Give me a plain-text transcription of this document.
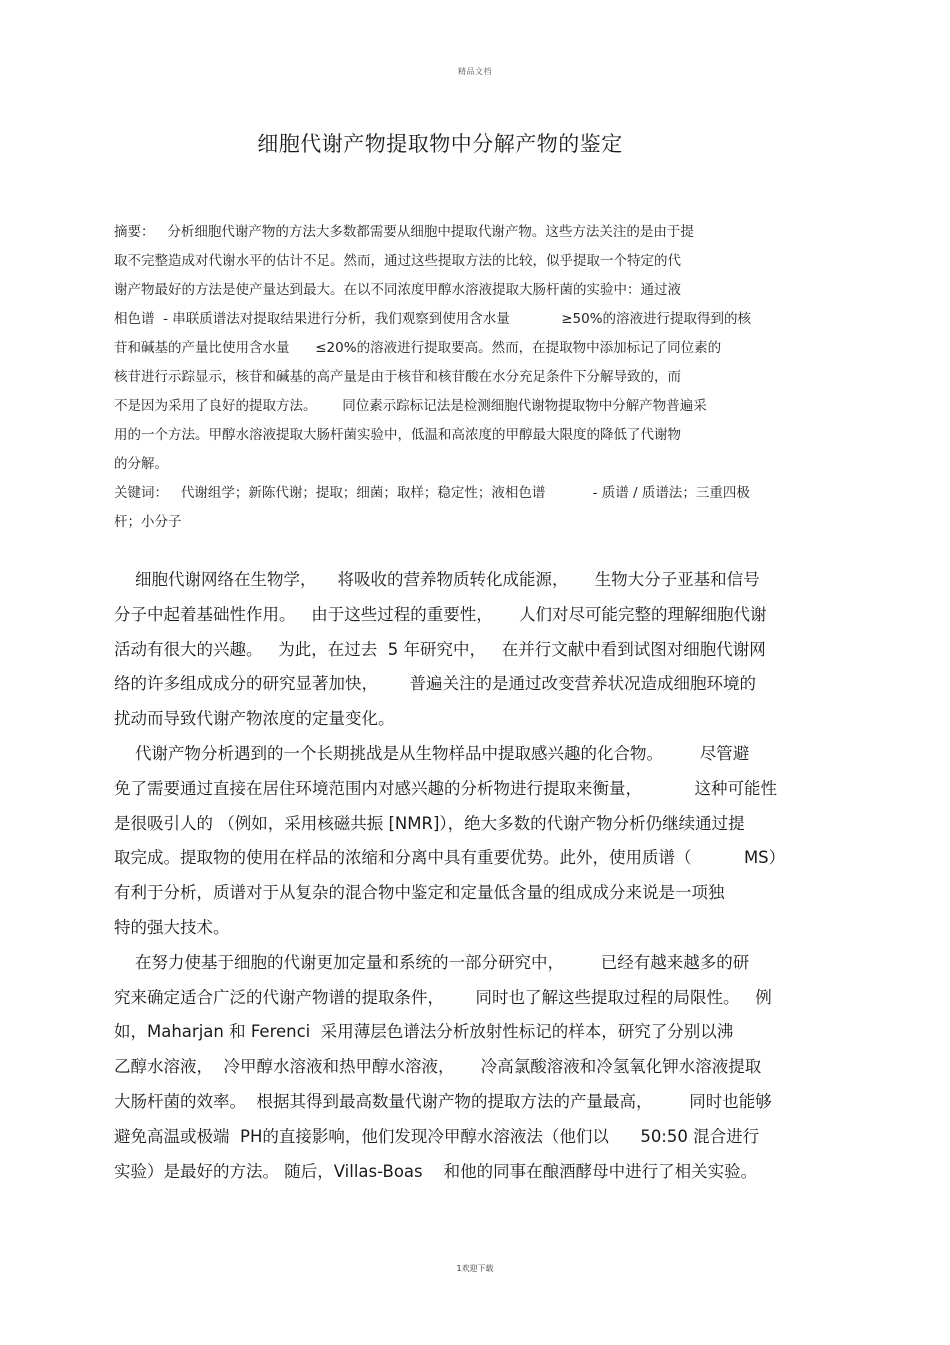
精品文档
细胞代谢产物提取物中分解产物的鉴定
摘要：   分析细胞代谢产物的方法大多数都需要从细胞中提取代谢产物。这些方法关注的是由于提
取不完整造成对代谢水平的估计不足。然而，通过这些提取方法的比较，似乎提取一个特定的代
谢产物最好的方法是使产量达到最大。在以不同浓度甲醇水溶液提取大肠杆菌的实验中：通过液
相色谱  - 串联质谱法对提取结果进行分析，我们观察到使用含水量            ≥50%的溶液进行提取得到的核
苷和碱基的产量比使用含水量      ≤20%的溶液进行提取要高。然而，在提取物中添加标记了同位素的
核苷进行示踪显示，核苷和碱基的高产量是由于核苷和核苷酸在水分充足条件下分解导致的，而
不是因为采用了良好的提取方法。      同位素示踪标记法是检测细胞代谢物提取物中分解产物普遍采
用的一个方法。甲醇水溶液提取大肠杆菌实验中，低温和高浓度的甲醇最大限度的降低了代谢物
的分解。
关键词：   代谢组学；新陈代谢；提取；细菌；取样；稳定性；液相色谱           - 质谱 / 质谱法；三重四极
杆；小分子
细胞代谢网络在生物学，    将吸收的营养物质转化成能源，     生物大分子亚基和信号
分子中起着基础性作用。   由于这些过程的重要性，     人们对尽可能完整的理解细胞代谢
活动有很大的兴趣。   为此，在过去  5 年研究中，   在并行文献中看到试图对细胞代谢网
络的许多组成成分的研究显著加快，      普遍关注的是通过改变营养状况造成细胞环境的
扰动而导致代谢产物浓度的定量变化。
代谢产物分析遇到的一个长期挑战是从生物样品中提取感兴趣的化合物。       尽管避
免了需要通过直接在居住环境范围内对感兴趣的分析物进行提取来衡量，          这种可能性
是很吸引人的 （例如，采用核磁共振 [NMR]），绝大多数的代谢产物分析仍继续通过提
取完成。提取物的使用在样品的浓缩和分离中具有重要优势。此外，使用质谱（          MS）
有利于分析，质谱对于从复杂的混合物中鉴定和定量低含量的组成成分来说是一项独
特的强大技术。
在努力使基于细胞的代谢更加定量和系统的一部分研究中，       已经有越来越多的研
究来确定适合广泛的代谢产物谱的提取条件，      同时也了解这些提取过程的局限性。   例
如，Maharjan 和 Ferenci  采用薄层色谱法分析放射性标记的样本，研究了分别以沸
乙醇水溶液，  冷甲醇水溶液和热甲醇水溶液，     冷高氯酸溶液和冷氢氧化钾水溶液提取
大肠杆菌的效率。  根据其得到最高数量代谢产物的提取方法的产量最高，       同时也能够
避免高温或极端  PH的直接影响，他们发现冷甲醇水溶液法（他们以      50:50 混合进行
实验）是最好的方法。 随后，Villas-Boas    和他的同事在酿酒酵母中进行了相关实验。
1欢迎下载
